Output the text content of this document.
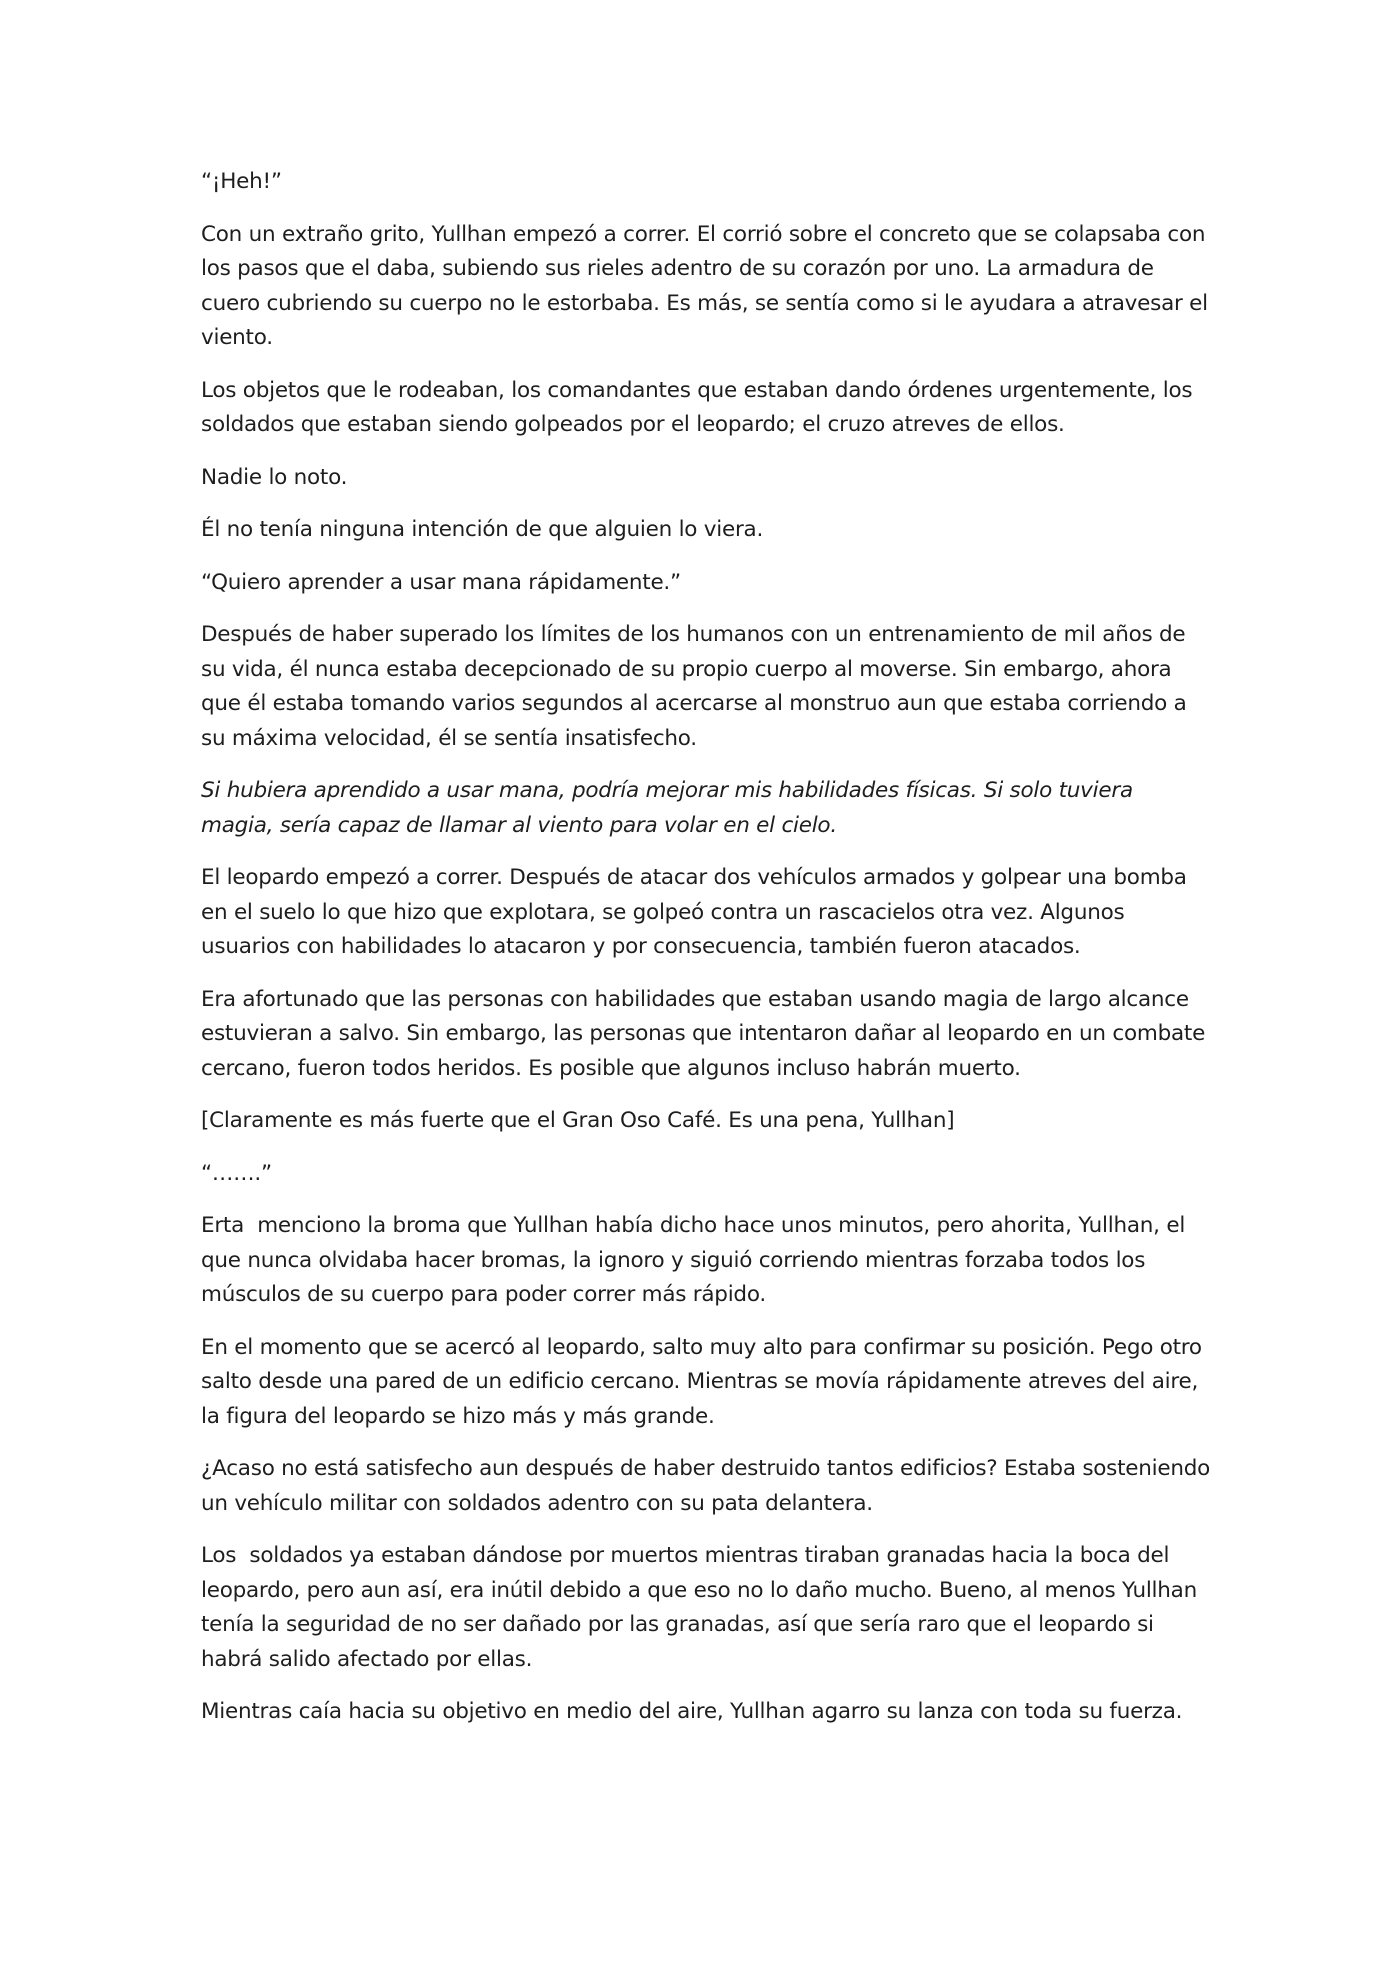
“¡Heh!”

Con un extraño grito, Yullhan empezó a correr. El corrió sobre el concreto que se colapsaba con los pasos que el daba, subiendo sus rieles adentro de su corazón por uno. La armadura de cuero cubriendo su cuerpo no le estorbaba. Es más, se sentía como si le ayudara a atravesar el viento.

Los objetos que le rodeaban, los comandantes que estaban dando órdenes urgentemente, los soldados que estaban siendo golpeados por el leopardo; el cruzo atreves de ellos.

Nadie lo noto.

Él no tenía ninguna intención de que alguien lo viera.

“Quiero aprender a usar mana rápidamente.”

Después de haber superado los límites de los humanos con un entrenamiento de mil años de su vida, él nunca estaba decepcionado de su propio cuerpo al moverse. Sin embargo, ahora que él estaba tomando varios segundos al acercarse al monstruo aun que estaba corriendo a su máxima velocidad, él se sentía insatisfecho.

Si hubiera aprendido a usar mana, podría mejorar mis habilidades físicas. Si solo tuviera magia, sería capaz de llamar al viento para volar en el cielo.

El leopardo empezó a correr. Después de atacar dos vehículos armados y golpear una bomba en el suelo lo que hizo que explotara, se golpeó contra un rascacielos otra vez. Algunos usuarios con habilidades lo atacaron y por consecuencia, también fueron atacados.

Era afortunado que las personas con habilidades que estaban usando magia de largo alcance estuvieran a salvo. Sin embargo, las personas que intentaron dañar al leopardo en un combate cercano, fueron todos heridos. Es posible que algunos incluso habrán muerto.

[Claramente es más fuerte que el Gran Oso Café. Es una pena, Yullhan]

“…….”

Erta  menciono la broma que Yullhan había dicho hace unos minutos, pero ahorita, Yullhan, el que nunca olvidaba hacer bromas, la ignoro y siguió corriendo mientras forzaba todos los músculos de su cuerpo para poder correr más rápido.

En el momento que se acercó al leopardo, salto muy alto para confirmar su posición. Pego otro salto desde una pared de un edificio cercano. Mientras se movía rápidamente atreves del aire, la figura del leopardo se hizo más y más grande.

¿Acaso no está satisfecho aun después de haber destruido tantos edificios? Estaba sosteniendo un vehículo militar con soldados adentro con su pata delantera.

Los  soldados ya estaban dándose por muertos mientras tiraban granadas hacia la boca del leopardo, pero aun así, era inútil debido a que eso no lo daño mucho. Bueno, al menos Yullhan tenía la seguridad de no ser dañado por las granadas, así que sería raro que el leopardo si habrá salido afectado por ellas.

Mientras caía hacia su objetivo en medio del aire, Yullhan agarro su lanza con toda su fuerza.
